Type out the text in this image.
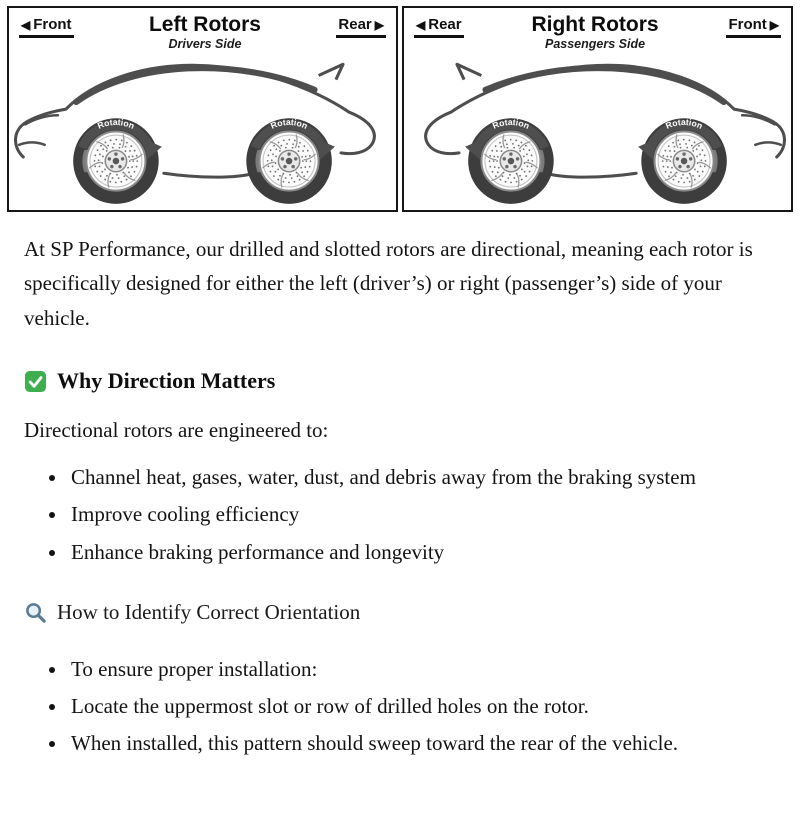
◀ Front	Left Rotors
Drivers Side
Rear ▶
Rotation	Rotation
◀ Rear	Right Rotors
Passengers Side
Front ▶
Rotation	Rotation

At SP Performance, our drilled and slotted rotors are directional, meaning each rotor is specifically designed for either the left (driver’s) or right (passenger’s) side of your vehicle.

Why Direction Matters

Directional rotors are engineered to:

• Channel heat, gases, water, dust, and debris away from the braking system
• Improve cooling efficiency
• Enhance braking performance and longevity
How to Identify Correct Orientation
• To ensure proper installation:
• Locate the uppermost slot or row of drilled holes on the rotor.
• When installed, this pattern should sweep toward the rear of the vehicle.
